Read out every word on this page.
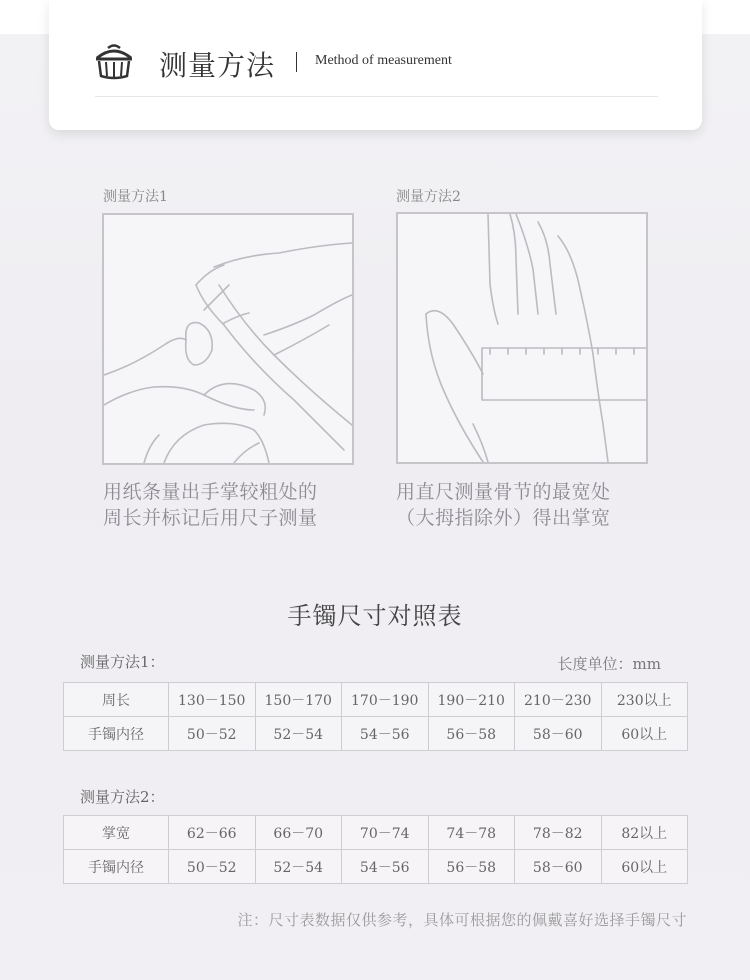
测量方法	Method of measurement
测量方法1
用纸条量出手掌较粗处的
周长并标记后用尺子测量
测量方法2
用直尺测量骨节的最宽处
（大拇指除外）得出掌宽
手镯尺寸对照表
测量方法1：	长度单位：mm
周长	130－150	150－170	170－190	190－210	210－230	230以上
手镯内径	50－52	52－54	54－56	56－58	58－60	60以上
测量方法2：
掌宽	62－66	66－70	70－74	74－78	78－82	82以上
手镯内径	50－52	52－54	54－56	56－58	58－60	60以上
注：尺寸表数据仅供参考，具体可根据您的佩戴喜好选择手镯尺寸
